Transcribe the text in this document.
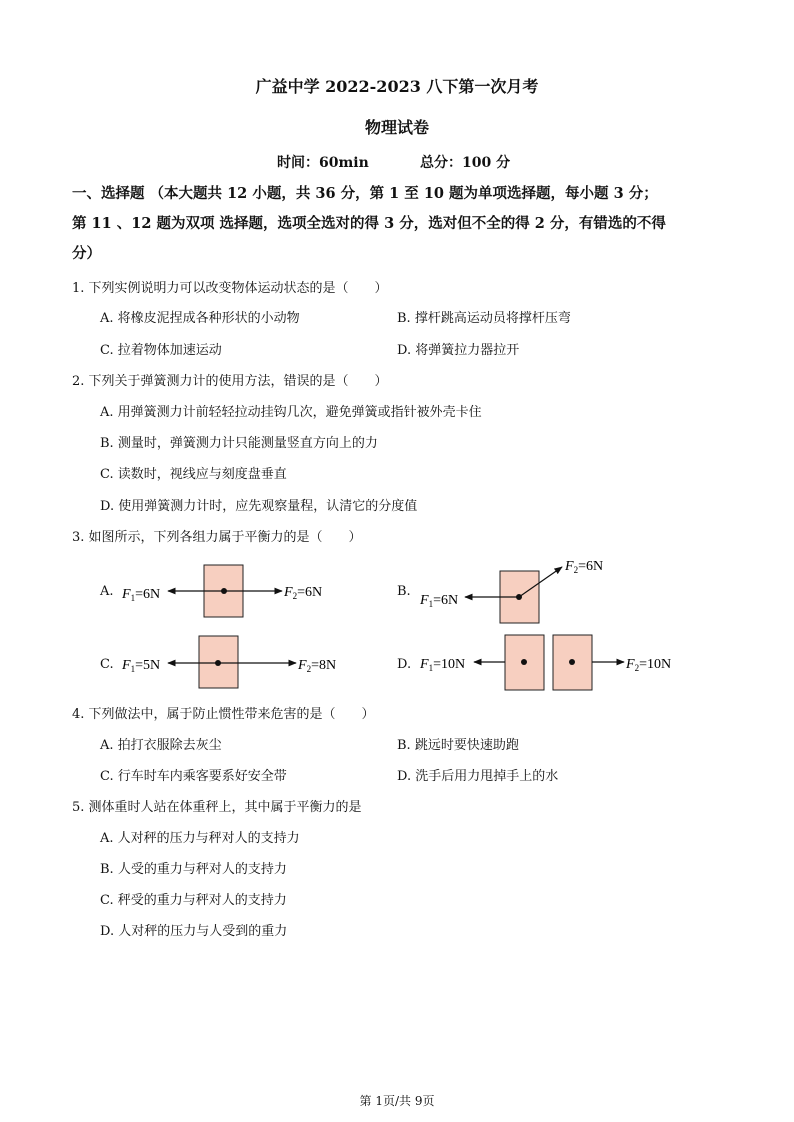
广益中学 2022-2023 八下第一次月考
物理试卷
时间：60min	总分：100 分
一、选择题 （本大题共 12 小题，共 36 分，第 1 至 10 题为单项选择题，每小题 3 分；
第 11 、12 题为双项 选择题，选项全选对的得 3 分，选对但不全的得 2 分，有错选的不得
分）
1. 下列实例说明力可以改变物体运动状态的是（　　）
A. 将橡皮泥捏成各种形状的小动物	B. 撑杆跳高运动员将撑杆压弯
C. 拉着物体加速运动	D. 将弹簧拉力器拉开
2. 下列关于弹簧测力计的使用方法，错误的是（　　）
A. 用弹簧测力计前轻轻拉动挂钩几次，避免弹簧或指针被外壳卡住
B. 测量时，弹簧测力计只能测量竖直方向上的力
C. 读数时，视线应与刻度盘垂直
D. 使用弹簧测力计时，应先观察量程，认清它的分度值
3. 如图所示，下列各组力属于平衡力的是（　　）
A.	B.
C.	D.
$F_1=6N$	$F_2=6N$
$F_1=6N$
$F_2=6N$
$F_1=5N$	$F_2=8N$	$F_1=10N$	$F_2=10N$
4. 下列做法中，属于防止惯性带来危害的是（　　）
A. 拍打衣服除去灰尘	B. 跳远时要快速助跑
C. 行车时车内乘客要系好安全带	D. 洗手后用力甩掉手上的水
5. 测体重时人站在体重秤上，其中属于平衡力的是
A. 人对秤的压力与秤对人的支持力
B. 人受的重力与秤对人的支持力
C. 秤受的重力与秤对人的支持力
D. 人对秤的压力与人受到的重力
第 1页/共 9页
